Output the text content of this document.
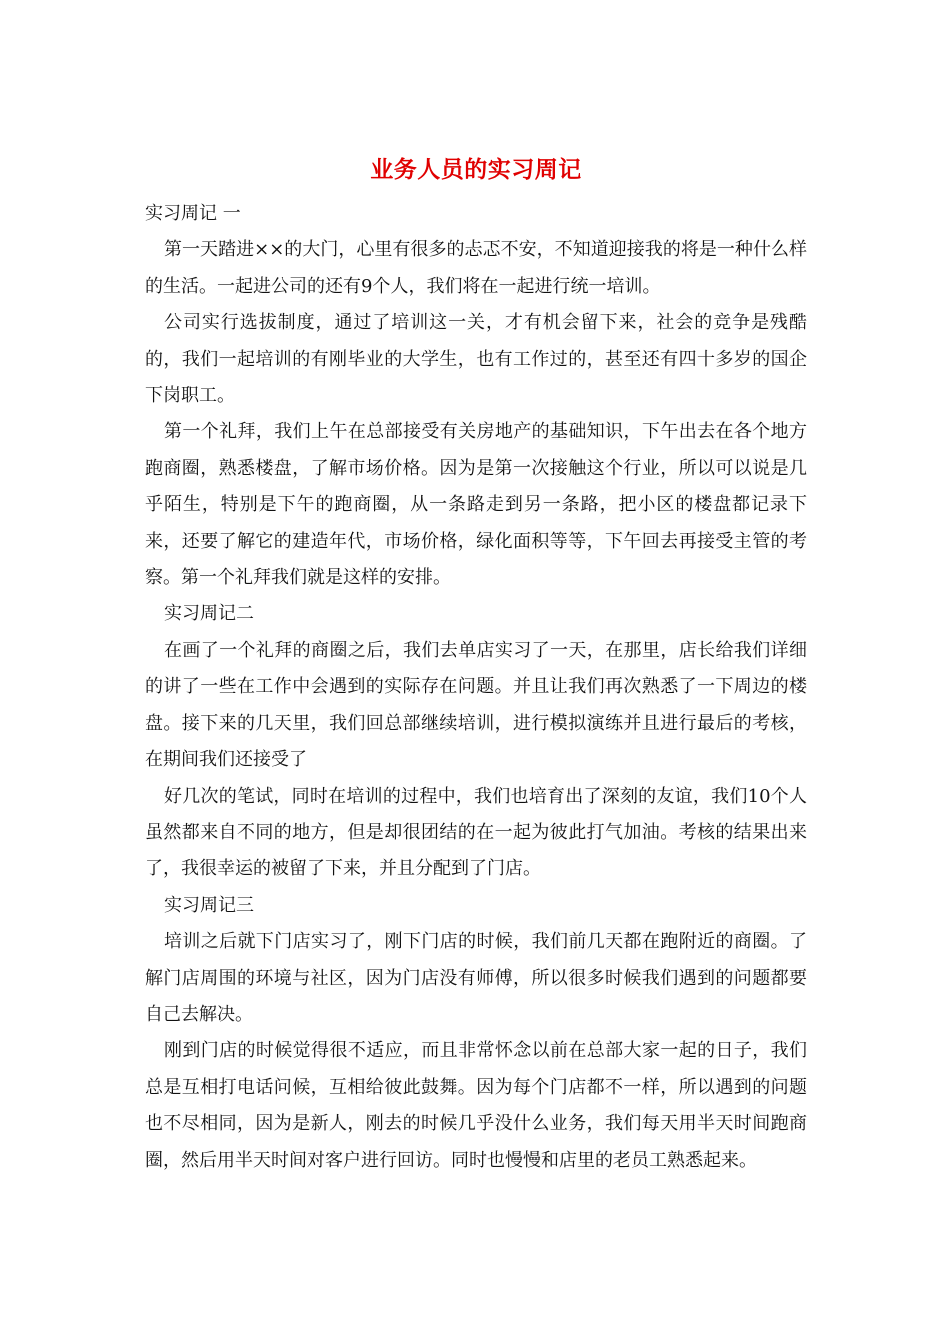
业务人员的实习周记

实习周记 一

第一天踏进××的大门，心里有很多的忐忑不安，不知道迎接我的将是一种什么样的生活。一起进公司的还有9个人，我们将在一起进行统一培训。

公司实行选拔制度，通过了培训这一关，才有机会留下来，社会的竞争是残酷的，我们一起培训的有刚毕业的大学生，也有工作过的，甚至还有四十多岁的国企下岗职工。

第一个礼拜，我们上午在总部接受有关房地产的基础知识，下午出去在各个地方跑商圈，熟悉楼盘，了解市场价格。因为是第一次接触这个行业，所以可以说是几乎陌生，特别是下午的跑商圈，从一条路走到另一条路，把小区的楼盘都记录下来，还要了解它的建造年代，市场价格，绿化面积等等，下午回去再接受主管的考察。第一个礼拜我们就是这样的安排。

实习周记二

在画了一个礼拜的商圈之后，我们去单店实习了一天，在那里，店长给我们详细的讲了一些在工作中会遇到的实际存在问题。并且让我们再次熟悉了一下周边的楼盘。接下来的几天里，我们回总部继续培训，进行模拟演练并且进行最后的考核，在期间我们还接受了

好几次的笔试，同时在培训的过程中，我们也培育出了深刻的友谊，我们10个人虽然都来自不同的地方，但是却很团结的在一起为彼此打气加油。考核的结果出来了，我很幸运的被留了下来，并且分配到了门店。

实习周记三

培训之后就下门店实习了，刚下门店的时候，我们前几天都在跑附近的商圈。了解门店周围的环境与社区，因为门店没有师傅，所以很多时候我们遇到的问题都要自己去解决。

刚到门店的时候觉得很不适应，而且非常怀念以前在总部大家一起的日子，我们总是互相打电话问候，互相给彼此鼓舞。因为每个门店都不一样，所以遇到的问题也不尽相同，因为是新人，刚去的时候几乎没什么业务，我们每天用半天时间跑商圈，然后用半天时间对客户进行回访。同时也慢慢和店里的老员工熟悉起来。
